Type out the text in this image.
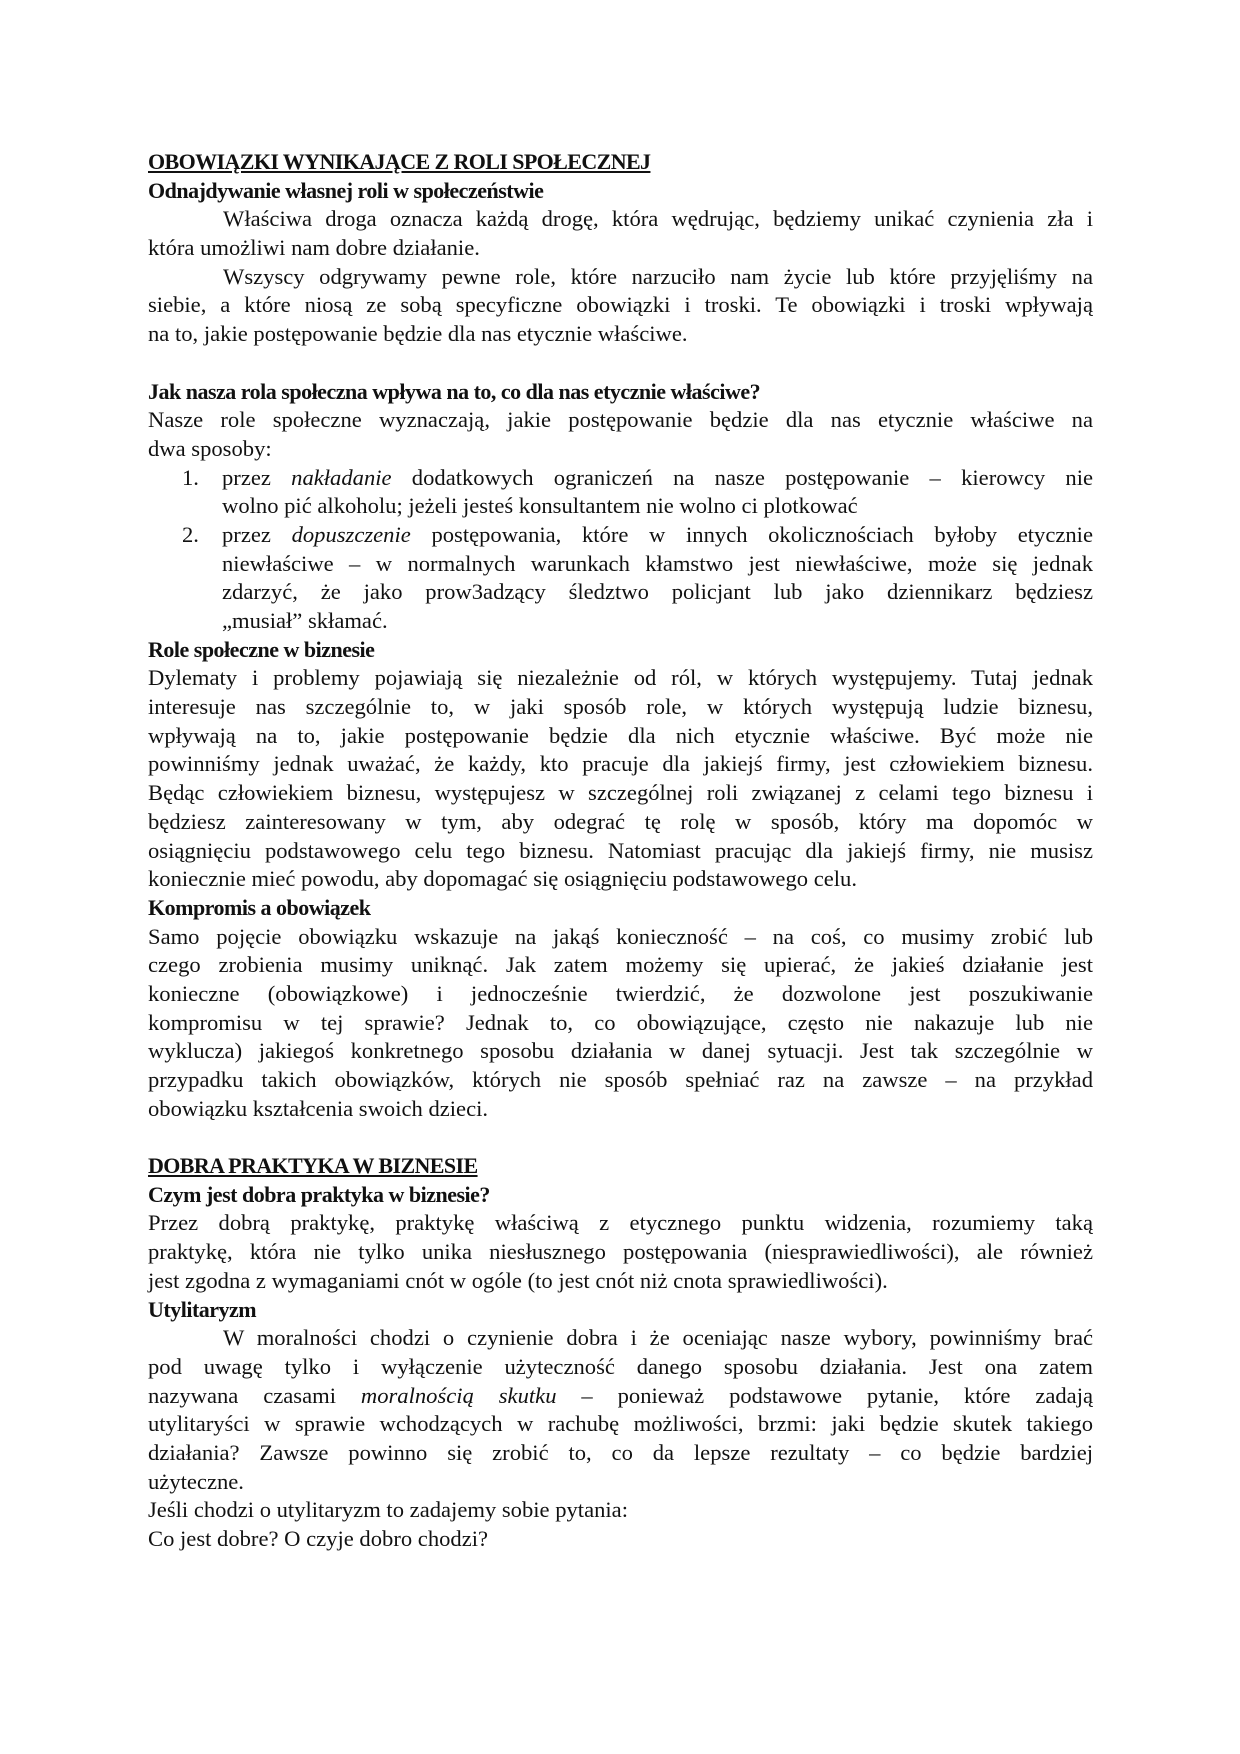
OBOWIĄZKI WYNIKAJĄCE Z ROLI SPOŁECZNEJ
Odnajdywanie własnej roli w społeczeństwie
Właściwa droga oznacza każdą drogę, która wędrując, będziemy unikać czynienia zła i
która umożliwi nam dobre działanie.
Wszyscy odgrywamy pewne role, które narzuciło nam życie lub które przyjęliśmy na
siebie, a które niosą ze sobą specyficzne obowiązki i troski. Te obowiązki i troski wpływają
na to, jakie postępowanie będzie dla nas etycznie właściwe.
Jak nasza rola społeczna wpływa na to, co dla nas etycznie właściwe?
Nasze role społeczne wyznaczają, jakie postępowanie będzie dla nas etycznie właściwe na
dwa sposoby:
1. przez nakładanie dodatkowych ograniczeń na nasze postępowanie – kierowcy nie
wolno pić alkoholu; jeżeli jesteś konsultantem nie wolno ci plotkować
2. przez dopuszczenie postępowania, które w innych okolicznościach byłoby etycznie
niewłaściwe – w normalnych warunkach kłamstwo jest niewłaściwe, może się jednak
zdarzyć, że jako prow3adzący śledztwo policjant lub jako dziennikarz będziesz
„musiał” skłamać.
Role społeczne w biznesie
Dylematy i problemy pojawiają się niezależnie od ról, w których występujemy. Tutaj jednak
interesuje nas szczególnie to, w jaki sposób role, w których występują ludzie biznesu,
wpływają na to, jakie postępowanie będzie dla nich etycznie właściwe. Być może nie
powinniśmy jednak uważać, że każdy, kto pracuje dla jakiejś firmy, jest człowiekiem biznesu.
Będąc człowiekiem biznesu, występujesz w szczególnej roli związanej z celami tego biznesu i
będziesz zainteresowany w tym, aby odegrać tę rolę w sposób, który ma dopomóc w
osiągnięciu podstawowego celu tego biznesu. Natomiast pracując dla jakiejś firmy, nie musisz
koniecznie mieć powodu, aby dopomagać się osiągnięciu podstawowego celu.
Kompromis a obowiązek
Samo pojęcie obowiązku wskazuje na jakąś konieczność – na coś, co musimy zrobić lub
czego zrobienia musimy uniknąć. Jak zatem możemy się upierać, że jakieś działanie jest
konieczne (obowiązkowe) i jednocześnie twierdzić, że dozwolone jest poszukiwanie
kompromisu w tej sprawie? Jednak to, co obowiązujące, często nie nakazuje lub nie
wyklucza) jakiegoś konkretnego sposobu działania w danej sytuacji. Jest tak szczególnie w
przypadku takich obowiązków, których nie sposób spełniać raz na zawsze – na przykład
obowiązku kształcenia swoich dzieci.
DOBRA PRAKTYKA W BIZNESIE
Czym jest dobra praktyka w biznesie?
Przez dobrą praktykę, praktykę właściwą z etycznego punktu widzenia, rozumiemy taką
praktykę, która nie tylko unika niesłusznego postępowania (niesprawiedliwości), ale również
jest zgodna z wymaganiami cnót w ogóle (to jest cnót niż cnota sprawiedliwości).
Utylitaryzm
W moralności chodzi o czynienie dobra i że oceniając nasze wybory, powinniśmy brać
pod uwagę tylko i wyłączenie użyteczność danego sposobu działania. Jest ona zatem
nazywana czasami moralnością skutku – ponieważ podstawowe pytanie, które zadają
utylitaryści w sprawie wchodzących w rachubę możliwości, brzmi: jaki będzie skutek takiego
działania? Zawsze powinno się zrobić to, co da lepsze rezultaty – co będzie bardziej
użyteczne.
Jeśli chodzi o utylitaryzm to zadajemy sobie pytania:
Co jest dobre? O czyje dobro chodzi?
